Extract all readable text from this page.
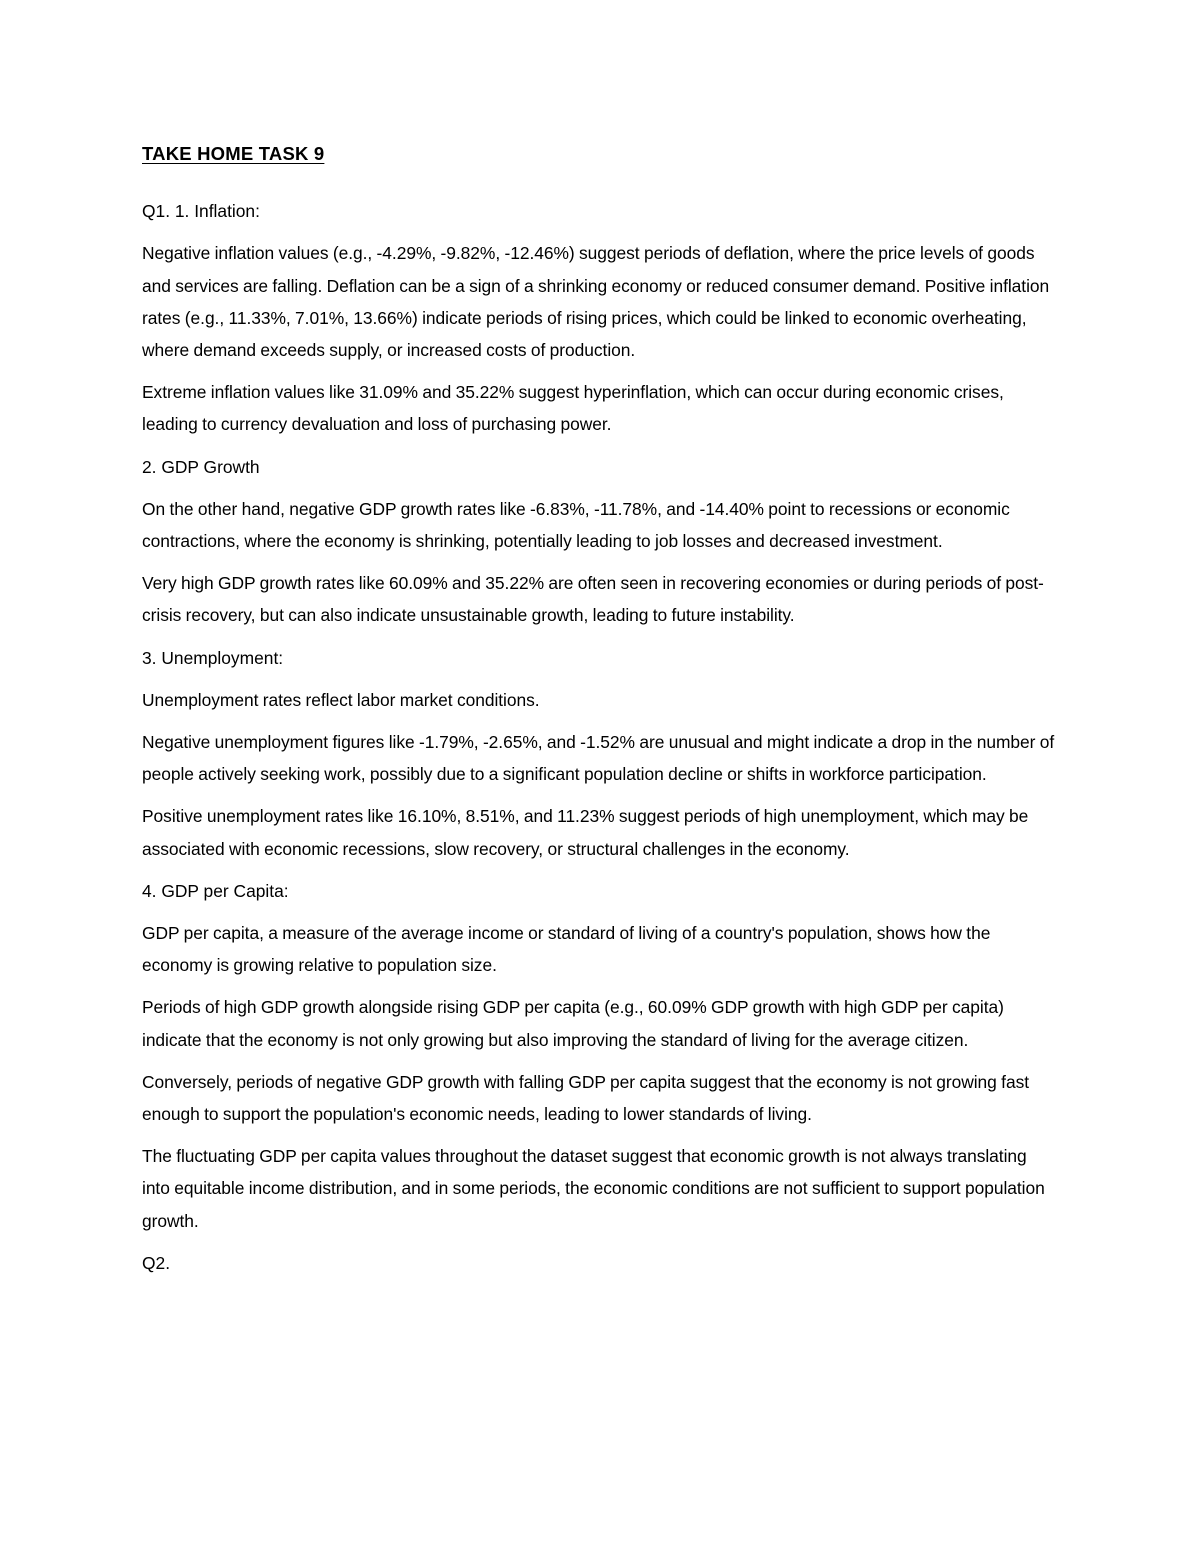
TAKE HOME TASK 9

Q1. 1. Inflation:

Negative inflation values (e.g., -4.29%, -9.82%, -12.46%) suggest periods of deflation, where the price levels of goods and services are falling. Deflation can be a sign of a shrinking economy or reduced consumer demand. Positive inflation rates (e.g., 11.33%, 7.01%, 13.66%) indicate periods of rising prices, which could be linked to economic overheating, where demand exceeds supply, or increased costs of production.

Extreme inflation values like 31.09% and 35.22% suggest hyperinflation, which can occur during economic crises, leading to currency devaluation and loss of purchasing power.

2. GDP Growth

On the other hand, negative GDP growth rates like -6.83%, -11.78%, and -14.40% point to recessions or economic contractions, where the economy is shrinking, potentially leading to job losses and decreased investment.

Very high GDP growth rates like 60.09% and 35.22% are often seen in recovering economies or during periods of post-crisis recovery, but can also indicate unsustainable growth, leading to future instability.

3. Unemployment:

Unemployment rates reflect labor market conditions.

Negative unemployment figures like -1.79%, -2.65%, and -1.52% are unusual and might indicate a drop in the number of people actively seeking work, possibly due to a significant population decline or shifts in workforce participation.

Positive unemployment rates like 16.10%, 8.51%, and 11.23% suggest periods of high unemployment, which may be associated with economic recessions, slow recovery, or structural challenges in the economy.

4. GDP per Capita:

GDP per capita, a measure of the average income or standard of living of a country's population, shows how the economy is growing relative to population size.

Periods of high GDP growth alongside rising GDP per capita (e.g., 60.09% GDP growth with high GDP per capita) indicate that the economy is not only growing but also improving the standard of living for the average citizen.

Conversely, periods of negative GDP growth with falling GDP per capita suggest that the economy is not growing fast enough to support the population's economic needs, leading to lower standards of living.

The fluctuating GDP per capita values throughout the dataset suggest that economic growth is not always translating into equitable income distribution, and in some periods, the economic conditions are not sufficient to support population growth.

Q2.
